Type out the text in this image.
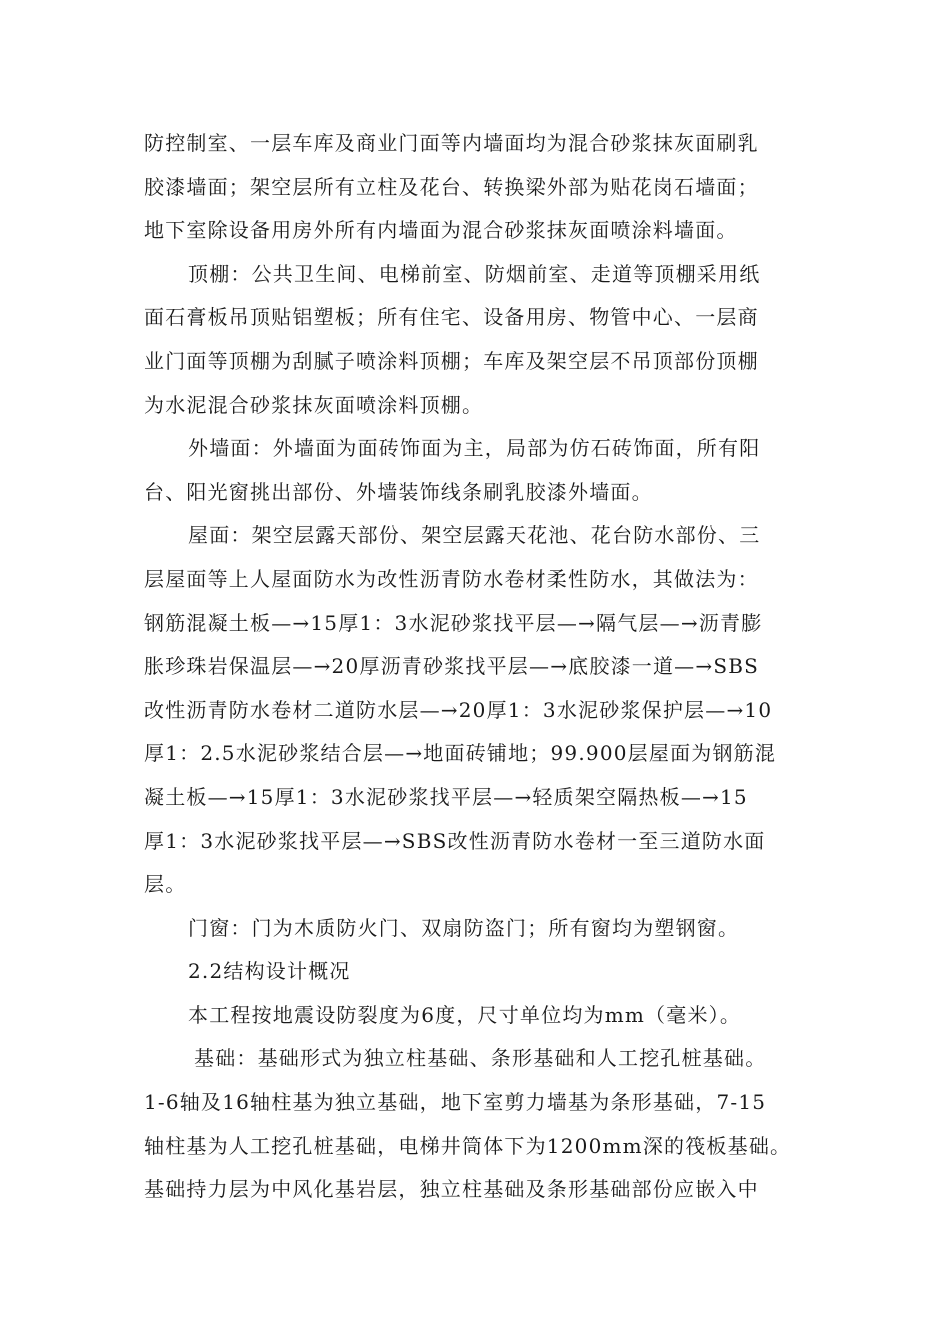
防控制室、一层车库及商业门面等内墙面均为混合砂浆抹灰面刷乳
胶漆墙面；架空层所有立柱及花台、转换梁外部为贴花岗石墙面；
地下室除设备用房外所有内墙面为混合砂浆抹灰面喷涂料墙面。
顶棚：公共卫生间、电梯前室、防烟前室、走道等顶棚采用纸
面石膏板吊顶贴铝塑板；所有住宅、设备用房、物管中心、一层商
业门面等顶棚为刮腻子喷涂料顶棚；车库及架空层不吊顶部份顶棚
为水泥混合砂浆抹灰面喷涂料顶棚。
外墙面：外墙面为面砖饰面为主，局部为仿石砖饰面，所有阳
台、阳光窗挑出部份、外墙装饰线条刷乳胶漆外墙面。
屋面：架空层露天部份、架空层露天花池、花台防水部份、三
层屋面等上人屋面防水为改性沥青防水卷材柔性防水，其做法为：
钢筋混凝土板—→15厚1：3水泥砂浆找平层—→隔气层—→沥青膨
胀珍珠岩保温层—→20厚沥青砂浆找平层—→底胶漆一道—→SBS
改性沥青防水卷材二道防水层—→20厚1：3水泥砂浆保护层—→10
厚1：2.5水泥砂浆结合层—→地面砖铺地；99.900层屋面为钢筋混
凝土板—→15厚1：3水泥砂浆找平层—→轻质架空隔热板—→15
厚1：3水泥砂浆找平层—→SBS改性沥青防水卷材一至三道防水面
层。
门窗：门为木质防火门、双扇防盗门；所有窗均为塑钢窗。
2.2结构设计概况
本工程按地震设防裂度为6度，尺寸单位均为mm（毫米）。
基础：基础形式为独立柱基础、条形基础和人工挖孔桩基础。
1-6轴及16轴柱基为独立基础，地下室剪力墙基为条形基础，7-15
轴柱基为人工挖孔桩基础，电梯井筒体下为1200mm深的筏板基础。
基础持力层为中风化基岩层，独立柱基础及条形基础部份应嵌入中
